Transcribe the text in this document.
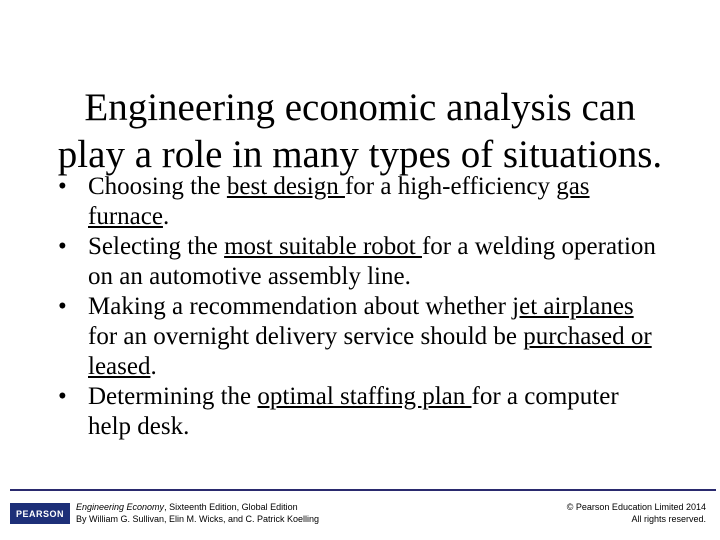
Engineering economic analysis can
play a role in many types of situations.
• Choosing the best design for a high-efficiency gas furnace.
• Selecting the most suitable robot for a welding operation on an automotive assembly line.
• Making a recommendation about whether jet airplanes for an overnight delivery service should be purchased or leased.
• Determining the optimal staffing plan for a computer help desk.
PEARSON
Engineering Economy, Sixteenth Edition, Global Edition
By William G. Sullivan, Elin M. Wicks, and C. Patrick Koelling
© Pearson Education Limited 2014
All rights reserved.
